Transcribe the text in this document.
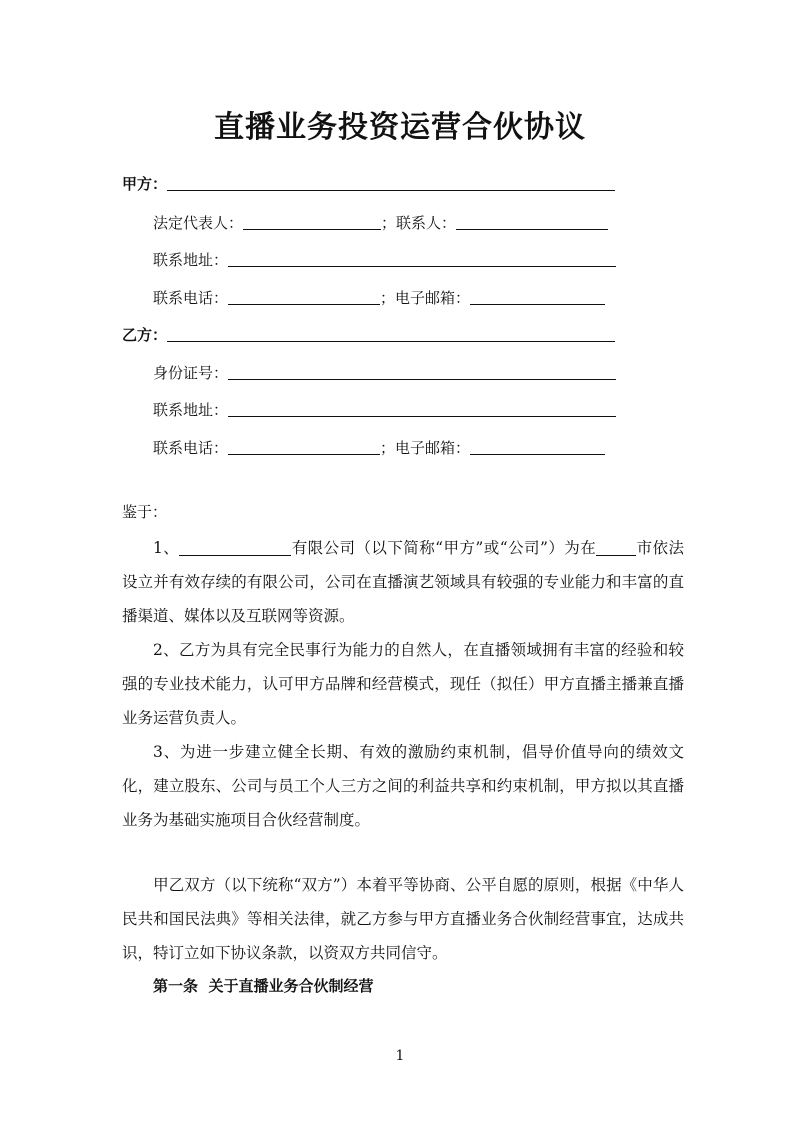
直播业务投资运营合伙协议
甲方：
法定代表人：	；联系人：
联系地址：
联系电话：	；电子邮箱：
乙方：
身份证号：
联系地址：
联系电话：	；电子邮箱：
鉴于：
1、	有限公司（以下简称“甲方”或“公司”）为在	市依法设立并有效存续的有限公司，公司在直播演艺领域具有较强的专业能力和丰富的直播渠道、媒体以及互联网等资源。
2、乙方为具有完全民事行为能力的自然人，在直播领域拥有丰富的经验和较强的专业技术能力，认可甲方品牌和经营模式，现任（拟任）甲方直播主播兼直播业务运营负责人。
3、为进一步建立健全长期、有效的激励约束机制，倡导价值导向的绩效文化，建立股东、公司与员工个人三方之间的利益共享和约束机制，甲方拟以其直播业务为基础实施项目合伙经营制度。
甲乙双方（以下统称“双方”）本着平等协商、公平自愿的原则，根据《中华人民共和国民法典》等相关法律，就乙方参与甲方直播业务合伙制经营事宜，达成共识，特订立如下协议条款，以资双方共同信守。
第一条  关于直播业务合伙制经营
1
